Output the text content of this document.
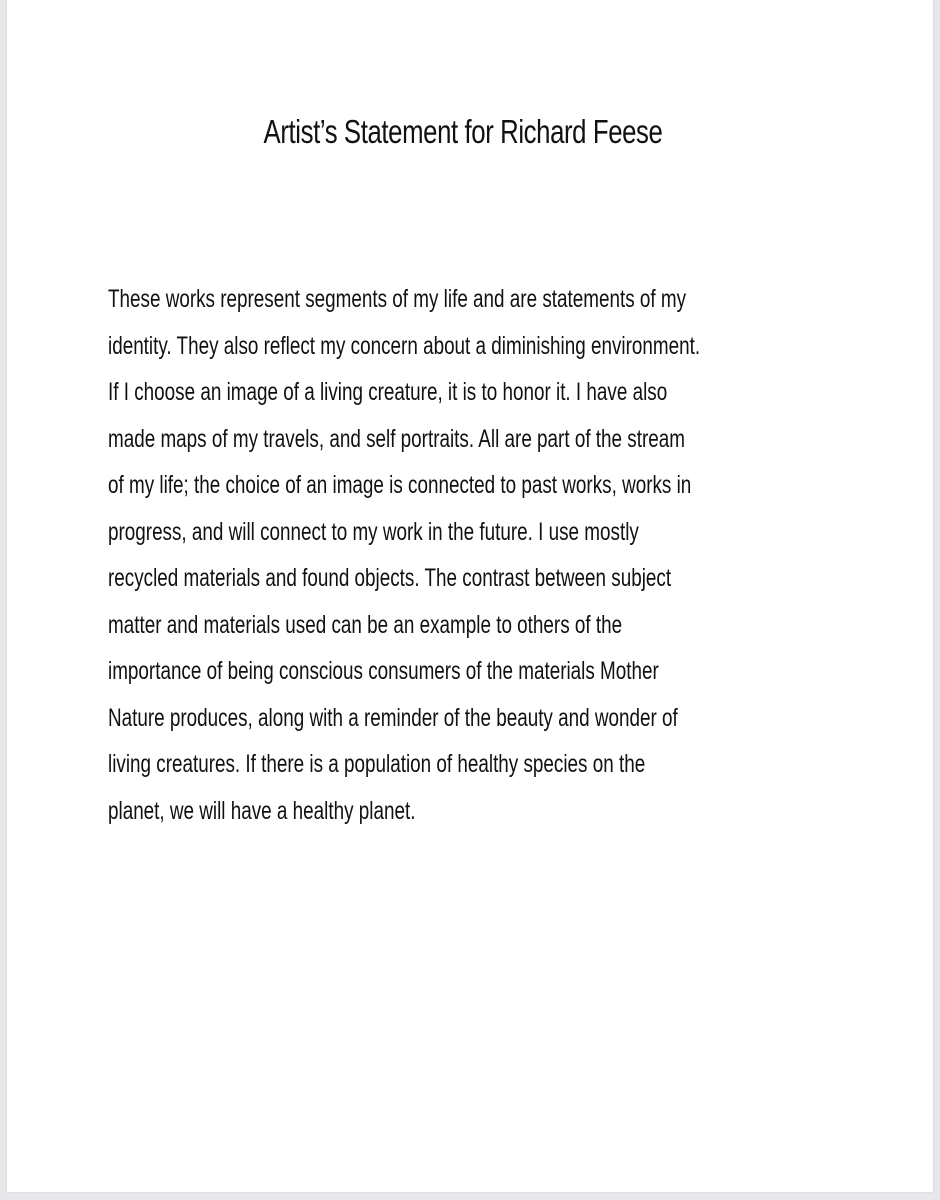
Artist’s Statement for Richard Feese

These works represent segments of my life and are statements of my
identity. They also reflect my concern about a diminishing environment.
If I choose an image of a living creature, it is to honor it. I have also
made maps of my travels, and self portraits. All are part of the stream
of my life; the choice of an image is connected to past works, works in
progress, and will connect to my work in the future. I use mostly
recycled materials and found objects. The contrast between subject
matter and materials used can be an example to others of the
importance of being conscious consumers of the materials Mother
Nature produces, along with a reminder of the beauty and wonder of
living creatures. If there is a population of healthy species on the
planet, we will have a healthy planet.
